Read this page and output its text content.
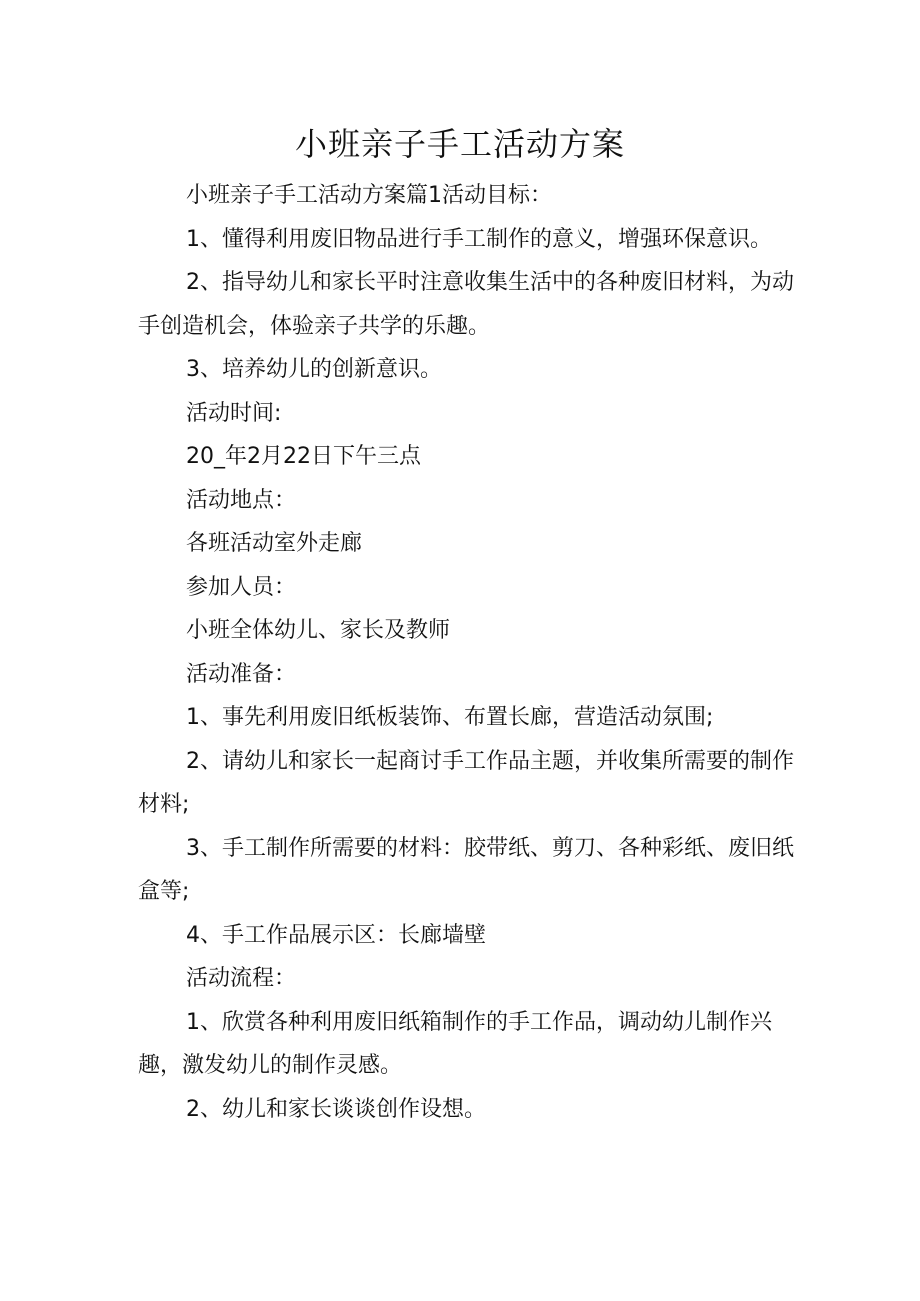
小班亲子手工活动方案

小班亲子手工活动方案篇1活动目标：

1、懂得利用废旧物品进行手工制作的意义，增强环保意识。

2、指导幼儿和家长平时注意收集生活中的各种废旧材料，为动手创造机会，体验亲子共学的乐趣。

3、培养幼儿的创新意识。

活动时间:

20_年2月22日下午三点

活动地点：

各班活动室外走廊

参加人员：

小班全体幼儿、家长及教师

活动准备：

1、事先利用废旧纸板装饰、布置长廊，营造活动氛围;

2、请幼儿和家长一起商讨手工作品主题，并收集所需要的制作材料;

3、手工制作所需要的材料：胶带纸、剪刀、各种彩纸、废旧纸盒等;

4、手工作品展示区：长廊墙壁

活动流程：

1、欣赏各种利用废旧纸箱制作的手工作品，调动幼儿制作兴趣，激发幼儿的制作灵感。

2、幼儿和家长谈谈创作设想。
